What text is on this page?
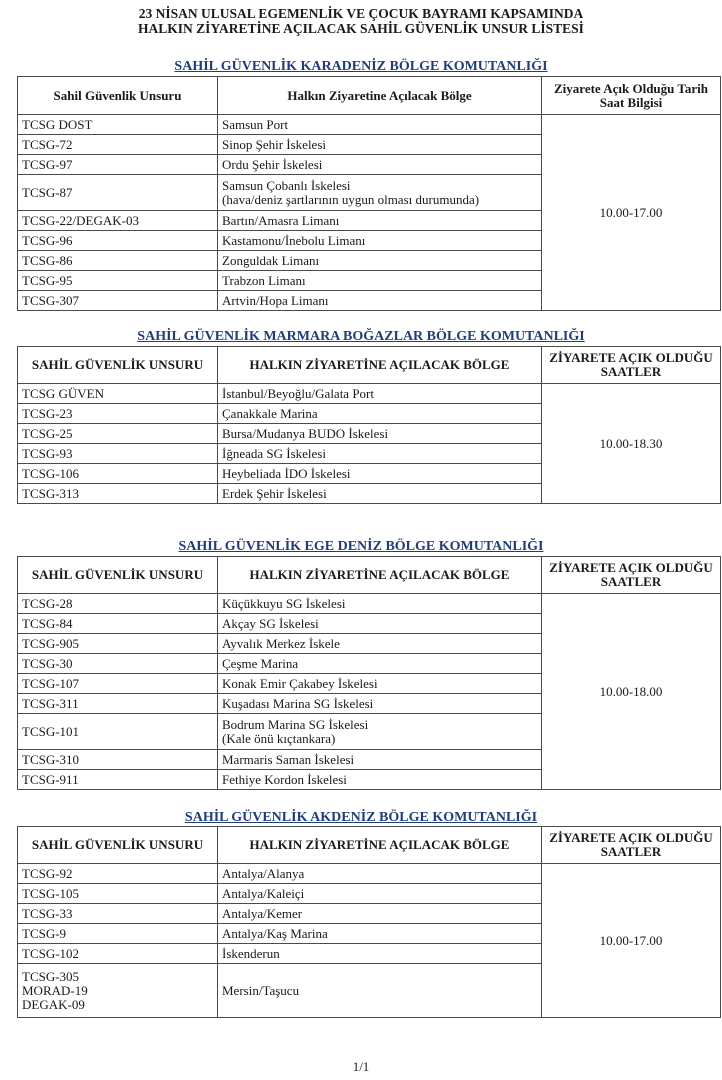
23 NİSAN ULUSAL EGEMENLİK VE ÇOCUK BAYRAMI KAPSAMINDA
HALKIN ZİYARETİNE AÇILACAK SAHİL GÜVENLİK UNSUR LİSTESİ
SAHİL GÜVENLİK KARADENİZ BÖLGE KOMUTANLIĞI
Sahil Güvenlik Unsuru	Halkın Ziyaretine Açılacak Bölge	Ziyarete Açık Olduğu Tarih Saat Bilgisi
TCSG DOST	Samsun Port	10.00-17.00
TCSG-72	Sinop Şehir İskelesi	
TCSG-97	Ordu Şehir İskelesi	
TCSG-87	Samsun Çobanlı İskelesi
(hava/deniz şartlarının uygun olması durumunda)	

TCSG-22/DEGAK-03	Bartın/Amasra Limanı	
TCSG-96	Kastamonu/İnebolu Limanı	
TCSG-86	Zonguldak Limanı	
TCSG-95	Trabzon Limanı	
TCSG-307	Artvin/Hopa Limanı	
SAHİL GÜVENLİK MARMARA BOĞAZLAR BÖLGE KOMUTANLIĞI
SAHİL GÜVENLİK UNSURU	HALKIN ZİYARETİNE AÇILACAK BÖLGE	ZİYARETE AÇIK OLDUĞU SAATLER
TCSG GÜVEN	İstanbul/Beyoğlu/Galata Port	10.00-18.30
TCSG-23	Çanakkale Marina	
TCSG-25	Bursa/Mudanya BUDO İskelesi	
TCSG-93	İğneada SG İskelesi	
TCSG-106	Heybeliada İDO İskelesi	
TCSG-313	Erdek Şehir İskelesi	
SAHİL GÜVENLİK EGE DENİZ BÖLGE KOMUTANLIĞI
SAHİL GÜVENLİK UNSURU	HALKIN ZİYARETİNE AÇILACAK BÖLGE	ZİYARETE AÇIK OLDUĞU SAATLER
TCSG-28	Küçükkuyu SG İskelesi	10.00-18.00
TCSG-84	Akçay SG İskelesi	
TCSG-905	Ayvalık Merkez İskele	
TCSG-30	Çeşme Marina	
TCSG-107	Konak Emir Çakabey İskelesi	
TCSG-311	Kuşadası Marina SG İskelesi	
TCSG-101	Bodrum Marina SG İskelesi
(Kale önü kıçtankara)	

TCSG-310	Marmaris Saman İskelesi	
TCSG-911	Fethiye Kordon İskelesi	
SAHİL GÜVENLİK AKDENİZ BÖLGE KOMUTANLIĞI
SAHİL GÜVENLİK UNSURU	HALKIN ZİYARETİNE AÇILACAK BÖLGE	ZİYARETE AÇIK OLDUĞU SAATLER
TCSG-92	Antalya/Alanya	10.00-17.00
TCSG-105	Antalya/Kaleiçi	
TCSG-33	Antalya/Kemer	
TCSG-9	Antalya/Kaş Marina	
TCSG-102	İskenderun	

TCSG-305
MORAD-19
DEGAK-09	Mersin/Taşucu	
1/1
